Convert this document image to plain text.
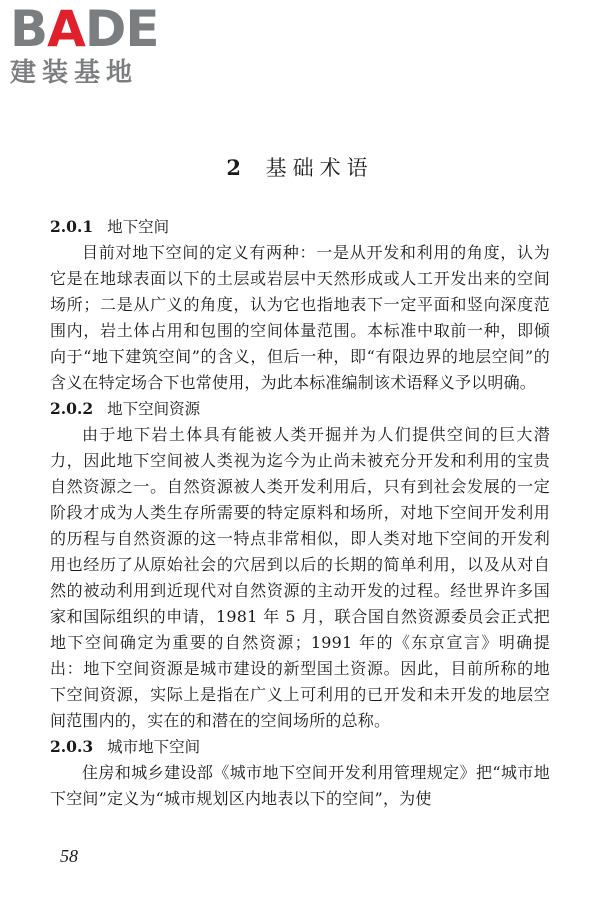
BADE
建装基地
2 基础术语
2.0.1 地下空间

目前对地下空间的定义有两种：一是从开发和利用的角度，认为它是在地球表面以下的土层或岩层中天然形成或人工开发出来的空间场所；二是从广义的角度，认为它也指地表下一定平面和竖向深度范围内，岩土体占用和包围的空间体量范围。本标准中取前一种，即倾向于“地下建筑空间”的含义，但后一种，即“有限边界的地层空间”的含义在特定场合下也常使用，为此本标准编制该术语释义予以明确。

2.0.2 地下空间资源

由于地下岩土体具有能被人类开掘并为人们提供空间的巨大潜力，因此地下空间被人类视为迄今为止尚未被充分开发和利用的宝贵自然资源之一。自然资源被人类开发利用后，只有到社会发展的一定阶段才成为人类生存所需要的特定原料和场所，对地下空间开发利用的历程与自然资源的这一特点非常相似，即人类对地下空间的开发利用也经历了从原始社会的穴居到以后的长期的简单利用，以及从对自然的被动利用到近现代对自然资源的主动开发的过程。经世界许多国家和国际组织的申请，1981 年 5 月，联合国自然资源委员会正式把地下空间确定为重要的自然资源；1991 年的《东京宣言》明确提出：地下空间资源是城市建设的新型国土资源。因此，目前所称的地下空间资源，实际上是指在广义上可利用的已开发和未开发的地层空间范围内的，实在的和潜在的空间场所的总称。

2.0.3 城市地下空间

住房和城乡建设部《城市地下空间开发利用管理规定》把“城市地下空间”定义为“城市规划区内地表以下的空间”，为使

58
